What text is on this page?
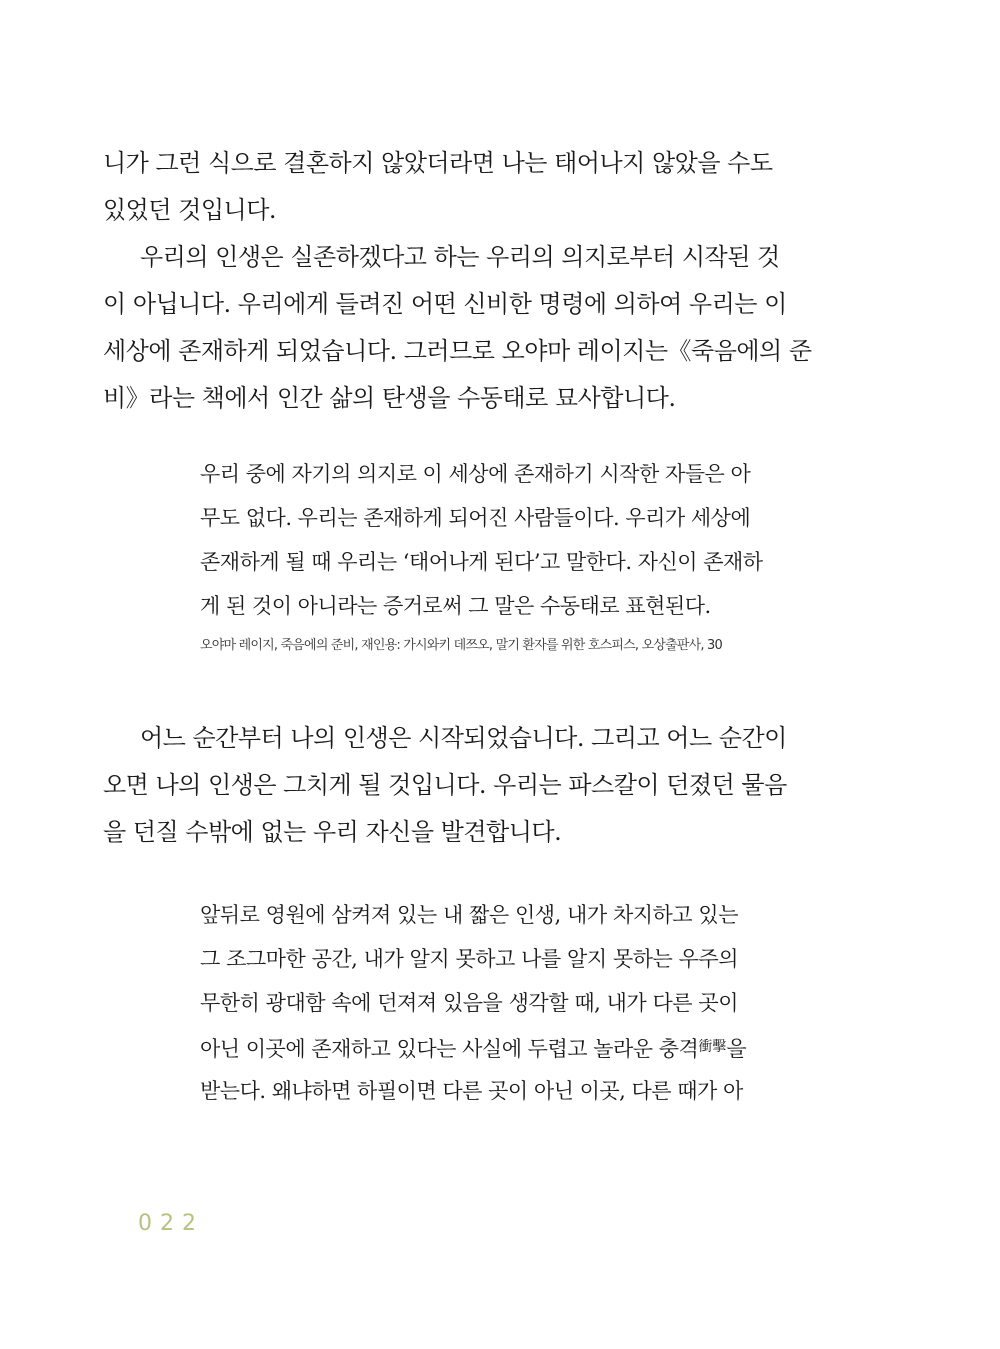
니가 그런 식으로 결혼하지 않았더라면 나는 태어나지 않았을 수도
있었던 것입니다.
우리의 인생은 실존하겠다고 하는 우리의 의지로부터 시작된 것
이 아닙니다. 우리에게 들려진 어떤 신비한 명령에 의하여 우리는 이
세상에 존재하게 되었습니다. 그러므로 오야마 레이지는《죽음에의 준
비》라는 책에서 인간 삶의 탄생을 수동태로 묘사합니다.
우리 중에 자기의 의지로 이 세상에 존재하기 시작한 자들은 아
무도 없다. 우리는 존재하게 되어진 사람들이다. 우리가 세상에
존재하게 될 때 우리는 ‘태어나게 된다’고 말한다. 자신이 존재하
게 된 것이 아니라는 증거로써 그 말은 수동태로 표현된다.
오야마 레이지, 죽음에의 준비, 재인용: 가시와키 데쯔오, 말기 환자를 위한 호스피스, 오상출판사, 30
어느 순간부터 나의 인생은 시작되었습니다. 그리고 어느 순간이
오면 나의 인생은 그치게 될 것입니다. 우리는 파스칼이 던졌던 물음
을 던질 수밖에 없는 우리 자신을 발견합니다.
앞뒤로 영원에 삼켜져 있는 내 짧은 인생, 내가 차지하고 있는
그 조그마한 공간, 내가 알지 못하고 나를 알지 못하는 우주의
무한히 광대함 속에 던져져 있음을 생각할 때, 내가 다른 곳이
아닌 이곳에 존재하고 있다는 사실에 두렵고 놀라운 충격$^{衝擊}$을
받는다. 왜냐하면 하필이면 다른 곳이 아닌 이곳, 다른 때가 아
022
